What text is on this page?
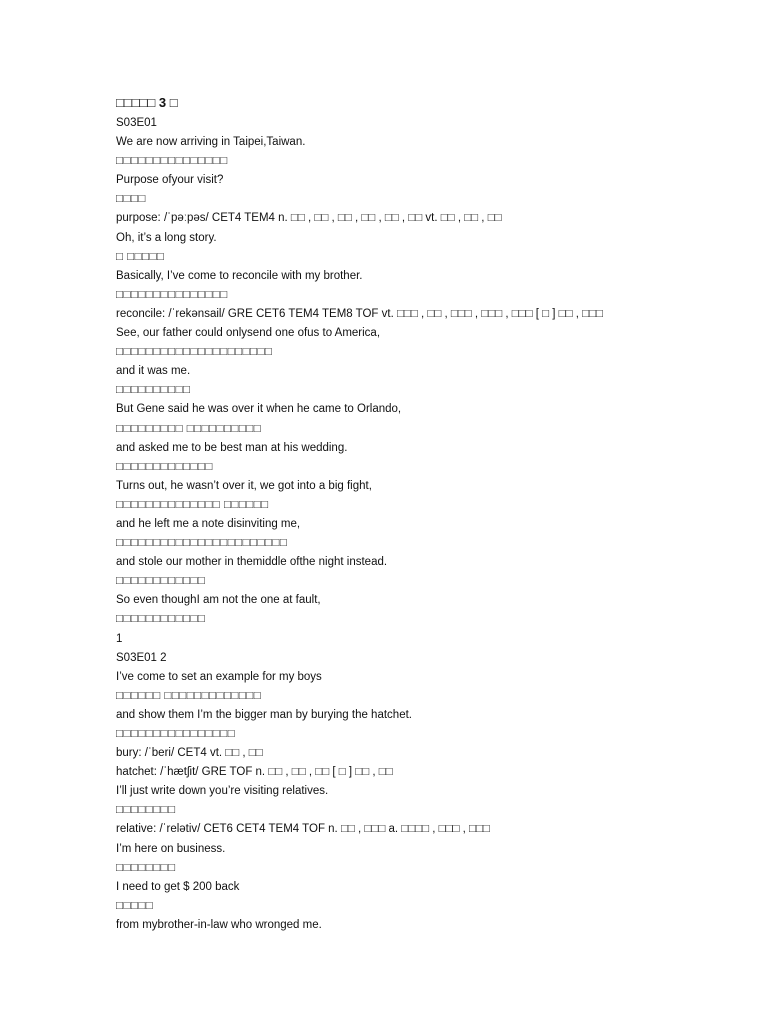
□□□□□ 3 □
S03E01
We are now arriving in Taipei,Taiwan.
□□□□□□□□□□□□□□□
Purpose ofyour visit?
□□□□
purpose: /ˈpəːpəs/ CET4 TEM4 n. □□ , □□ , □□ , □□ , □□ , □□ vt. □□ , □□ , □□
Oh, it’s a long story.
□ □□□□□
Basically, I’ve come to reconcile with my brother.
□□□□□□□□□□□□□□□
reconcile: /ˈrekənsail/ GRE CET6 TEM4 TEM8 TOF vt. □□□ , □□ , □□□ , □□□ , □□□ [ □ ] □□ , □□□
See, our father could onlysend one ofus to America,
□□□□□□□□□□□□□□□□□□□□□
and it was me.
□□□□□□□□□□
But Gene said he was over it when he came to Orlando,
□□□□□□□□□ □□□□□□□□□□
and asked me to be best man at his wedding.
□□□□□□□□□□□□□
Turns out, he wasn’t over it, we got into a big fight,
□□□□□□□□□□□□□□ □□□□□□
and he left me a note disinviting me,
□□□□□□□□□□□□□□□□□□□□□□□
and stole our mother in themiddle ofthe night instead.
□□□□□□□□□□□□
So even thoughI am not the one at fault,
□□□□□□□□□□□□
1
S03E01 2
I’ve come to set an example for my boys
□□□□□□ □□□□□□□□□□□□□
and show them I’m the bigger man by burying the hatchet.
□□□□□□□□□□□□□□□□
bury: /ˈberi/ CET4 vt. □□ , □□
hatchet: /ˈhætʃit/ GRE TOF n. □□ , □□ , □□ [ □ ] □□ , □□
I’ll just write down you’re visiting relatives.
□□□□□□□□
relative: /ˈrelətiv/ CET6 CET4 TEM4 TOF n. □□ , □□□ a. □□□□ , □□□ , □□□
I’m here on business.
□□□□□□□□
I need to get $ 200 back
□□□□□
from mybrother-in-law who wronged me.
